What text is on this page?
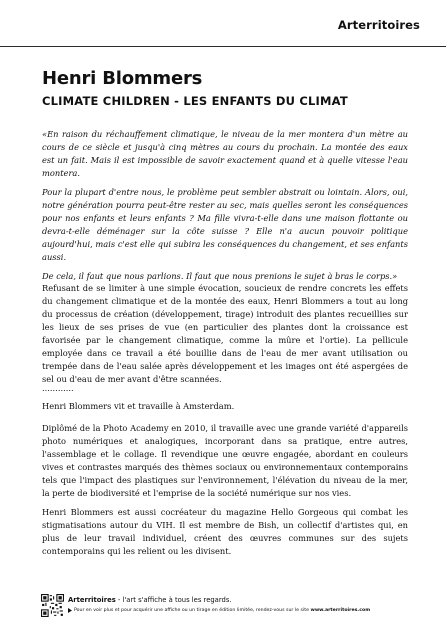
Arterritoires
Henri Blommers
CLIMATE CHILDREN - LES ENFANTS DU CLIMAT

«En raison du réchauffement climatique, le niveau de la mer montera d'un mètre au cours de ce siècle et jusqu'à cinq mètres au cours du prochain. La montée des eaux est un fait. Mais il est impossible de savoir exactement quand et à quelle vitesse l'eau montera.

Pour la plupart d'entre nous, le problème peut sembler abstrait ou lointain. Alors, oui, notre génération pourra peut-être rester au sec, mais quelles seront les conséquences pour nos enfants et leurs enfants ? Ma fille vivra-t-elle dans une maison flottante ou devra-t-elle déménager sur la côte suisse ? Elle n'a aucun pouvoir politique aujourd'hui, mais c'est elle qui subira les conséquences du changement, et ses enfants aussi.

De cela, il faut que nous parlions. Il faut que nous prenions le sujet à bras le corps.»

Refusant de se limiter à une simple évocation, soucieux de rendre concrets les effets du changement climatique et de la montée des eaux, Henri Blommers a tout au long du processus de création (développement, tirage) introduit des plantes recueillies sur les lieux de ses prises de vue (en particulier des plantes dont la croissance est favorisée par le changement climatique, comme la mûre et l'ortie). La pellicule employée dans ce travail a été bouillie dans de l'eau de mer avant utilisation ou trempée dans de l'eau salée après développement et les images ont été aspergées de sel ou d'eau de mer avant d'être scannées.

............

Henri Blommers vit et travaille à Amsterdam.

Diplômé de la Photo Academy en 2010, il travaille avec une grande variété d'appareils photo numériques et analogiques, incorporant dans sa pratique, entre autres, l'assemblage et le collage. Il revendique une œuvre engagée, abordant en couleurs vives et contrastes marqués des thèmes sociaux ou environnementaux contemporains tels que l'impact des plastiques sur l'environnement, l'élévation du niveau de la mer, la perte de biodiversité et l'emprise de la société numérique sur nos vies.

Henri Blommers est aussi cocréateur du magazine Hello Gorgeous qui combat les stigmatisations autour du VIH. Il est membre de Bish, un collectif d'artistes qui, en plus de leur travail individuel, créent des œuvres communes sur des sujets contemporains qui les relient ou les divisent.

Arterritoires - l'art s'affiche à tous les regards.
Pour en voir plus et pour acquérir une affiche ou un tirage en édition limitée, rendez-vous sur le site www.arterritoires.com
